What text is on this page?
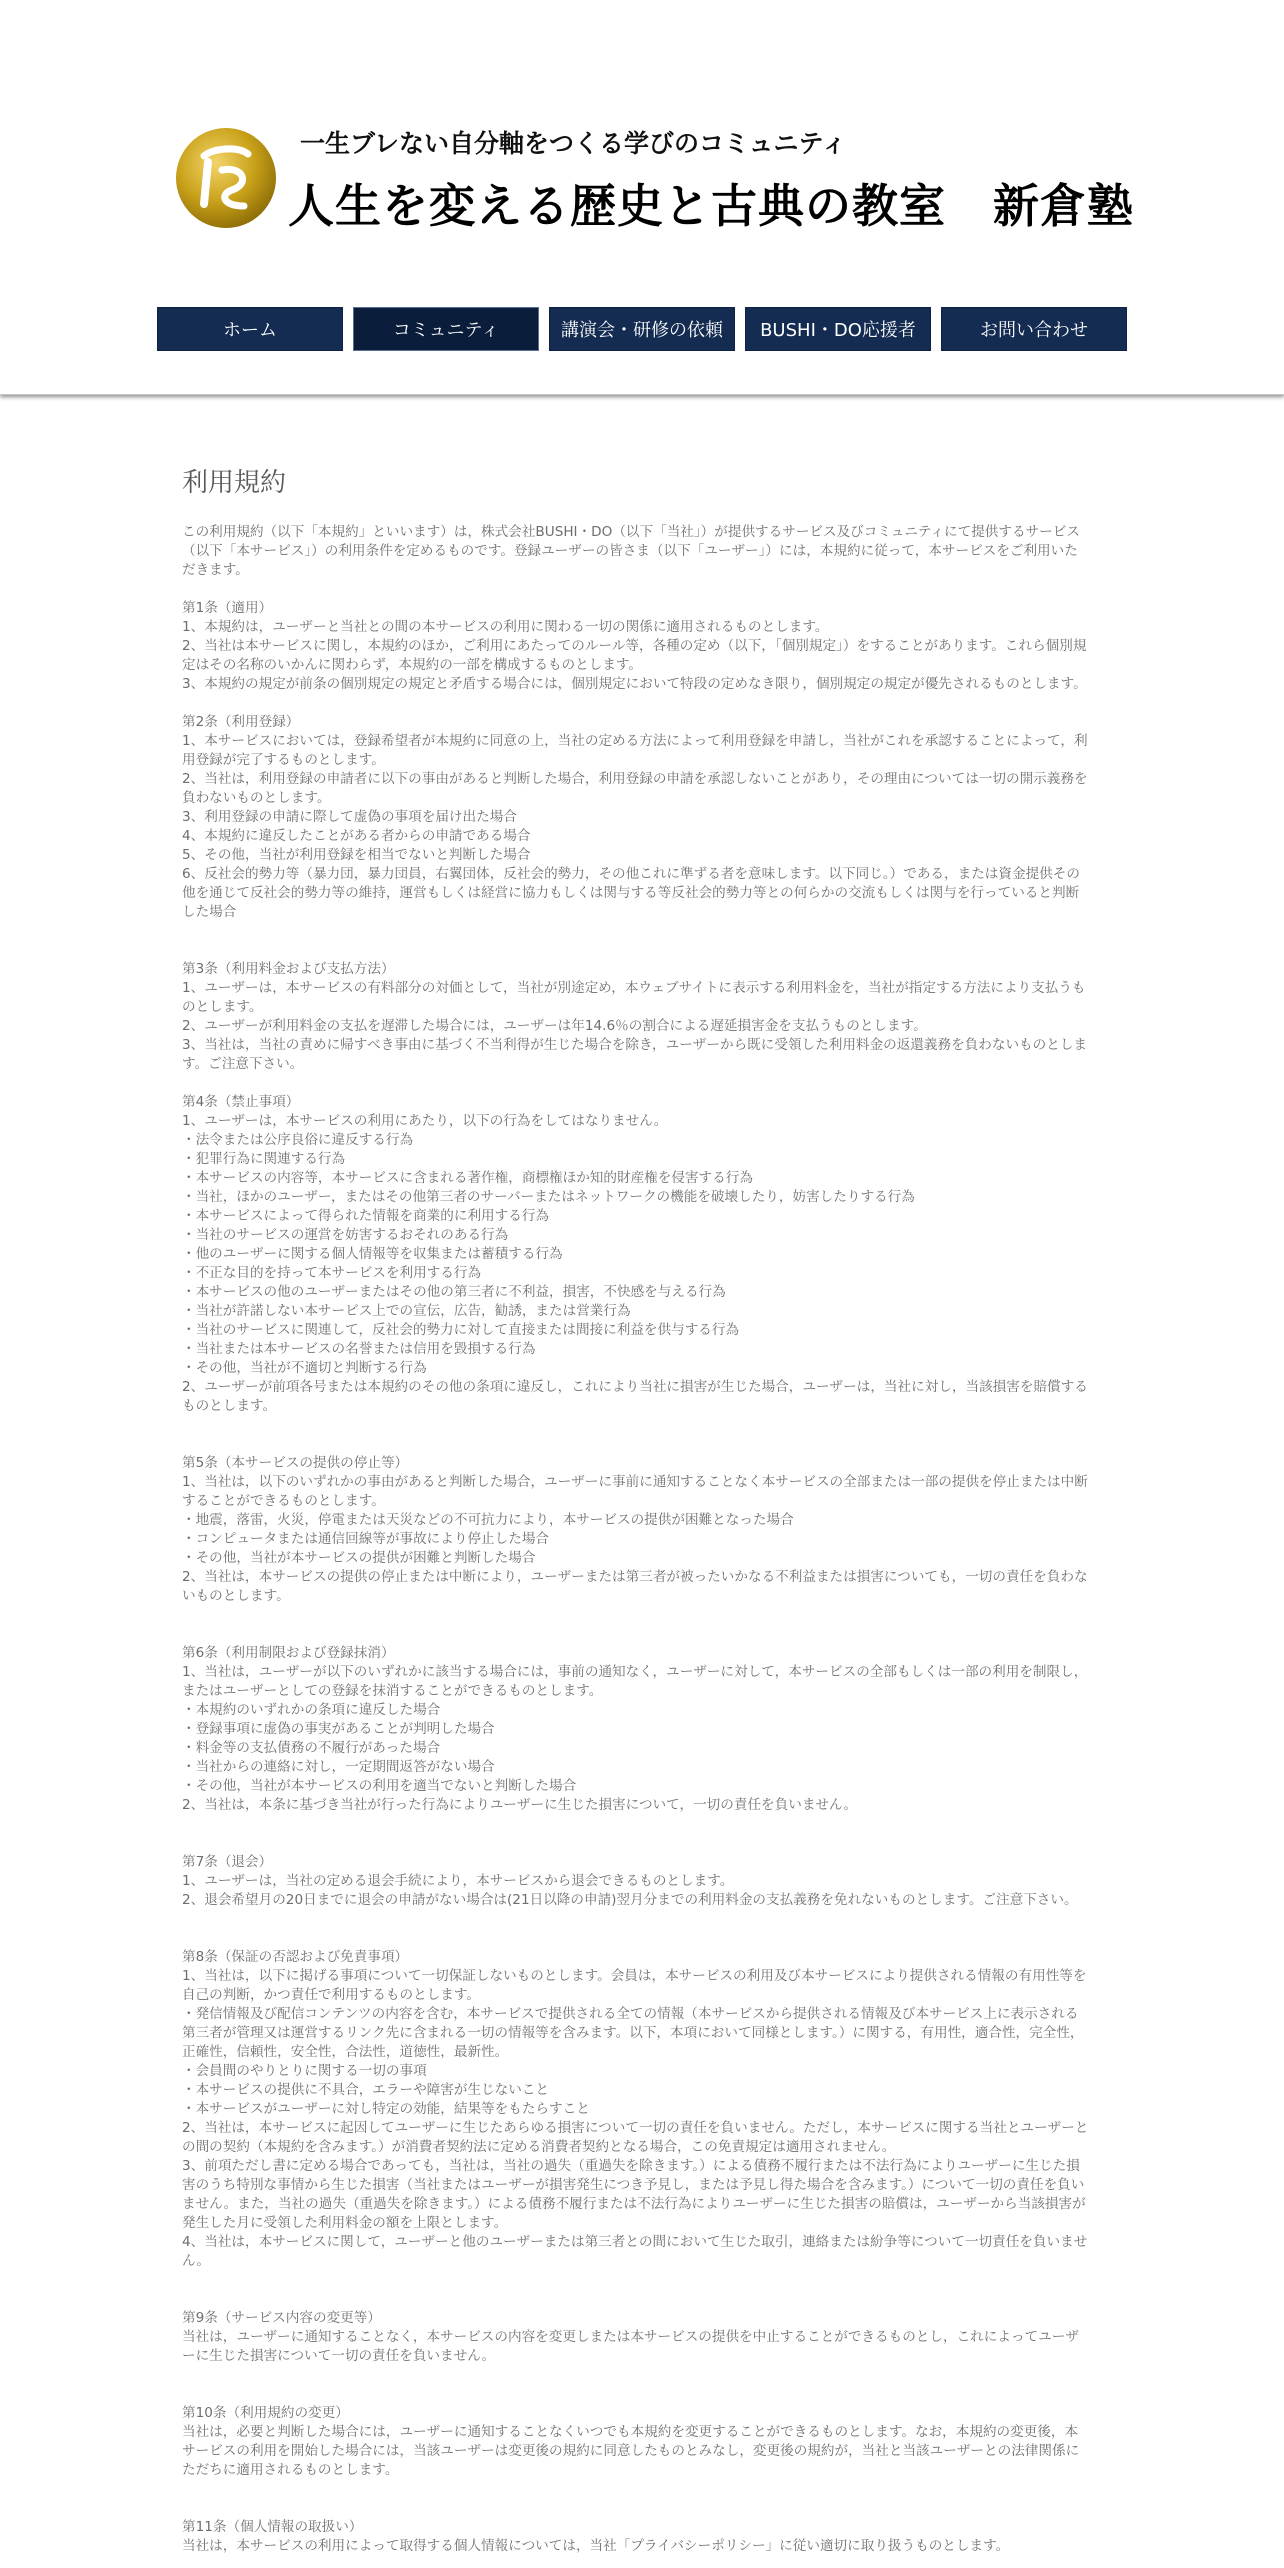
一生ブレない自分軸をつくる学びのコミュニティ
人生を変える歴史と古典の教室　新倉塾
ホーム	コミュニティ	講演会・研修の依頼	BUSHI・DO応援者	お問い合わせ
利用規約

この利用規約（以下「本規約」といいます）は，株式会社BUSHI・DO（以下「当社」）が提供するサービス及びコミュニティにて提供するサービス（以下「本サービス」）の利用条件を定めるものです。登録ユーザーの皆さま（以下「ユーザー」）には，本規約に従って，本サービスをご利用いただきます。

第1条（適用）

1、本規約は，ユーザーと当社との間の本サービスの利用に関わる一切の関係に適用されるものとします。
2、当社は本サービスに関し，本規約のほか，ご利用にあたってのルール等，各種の定め（以下，「個別規定」）をすることがあります。これら個別規定はその名称のいかんに関わらず，本規約の一部を構成するものとします。
3、本規約の規定が前条の個別規定の規定と矛盾する場合には，個別規定において特段の定めなき限り，個別規定の規定が優先されるものとします。

第2条（利用登録）

1、本サービスにおいては，登録希望者が本規約に同意の上，当社の定める方法によって利用登録を申請し，当社がこれを承認することによって，利用登録が完了するものとします。
2、当社は，利用登録の申請者に以下の事由があると判断した場合，利用登録の申請を承認しないことがあり，その理由については一切の開示義務を負わないものとします。
3、利用登録の申請に際して虚偽の事項を届け出た場合
4、本規約に違反したことがある者からの申請である場合
5、その他，当社が利用登録を相当でないと判断した場合
6、反社会的勢力等（暴力団，暴力団員，右翼団体，反社会的勢力，その他これに準ずる者を意味します。以下同じ。）である，または資金提供その他を通じて反社会的勢力等の維持，運営もしくは経営に協力もしくは関与する等反社会的勢力等との何らかの交流もしくは関与を行っていると判断した場合

第3条（利用料金および支払方法）

1、ユーザーは，本サービスの有料部分の対価として，当社が別途定め，本ウェブサイトに表示する利用料金を，当社が指定する方法により支払うものとします。
2、ユーザーが利用料金の支払を遅滞した場合には，ユーザーは年14.6％の割合による遅延損害金を支払うものとします。
3、当社は，当社の責めに帰すべき事由に基づく不当利得が生じた場合を除き，ユーザーから既に受領した利用料金の返還義務を負わないものとします。ご注意下さい。

第4条（禁止事項）

1、ユーザーは，本サービスの利用にあたり，以下の行為をしてはなりません。
・法令または公序良俗に違反する行為
・犯罪行為に関連する行為
・本サービスの内容等，本サービスに含まれる著作権，商標権ほか知的財産権を侵害する行為
・当社，ほかのユーザー，またはその他第三者のサーバーまたはネットワークの機能を破壊したり，妨害したりする行為
・本サービスによって得られた情報を商業的に利用する行為
・当社のサービスの運営を妨害するおそれのある行為
・他のユーザーに関する個人情報等を収集または蓄積する行為
・不正な目的を持って本サービスを利用する行為
・本サービスの他のユーザーまたはその他の第三者に不利益，損害，不快感を与える行為
・当社が許諾しない本サービス上での宣伝，広告，勧誘，または営業行為
・当社のサービスに関連して，反社会的勢力に対して直接または間接に利益を供与する行為
・当社または本サービスの名誉または信用を毀損する行為
・その他，当社が不適切と判断する行為
2、ユーザーが前項各号または本規約のその他の条項に違反し，これにより当社に損害が生じた場合，ユーザーは，当社に対し，当該損害を賠償するものとします。

第5条（本サービスの提供の停止等）

1、当社は，以下のいずれかの事由があると判断した場合，ユーザーに事前に通知することなく本サービスの全部または一部の提供を停止または中断することができるものとします。
・地震，落雷，火災，停電または天災などの不可抗力により，本サービスの提供が困難となった場合
・コンピュータまたは通信回線等が事故により停止した場合
・その他，当社が本サービスの提供が困難と判断した場合
2、当社は，本サービスの提供の停止または中断により，ユーザーまたは第三者が被ったいかなる不利益または損害についても，一切の責任を負わないものとします。

第6条（利用制限および登録抹消）

1、当社は，ユーザーが以下のいずれかに該当する場合には，事前の通知なく，ユーザーに対して，本サービスの全部もしくは一部の利用を制限し，またはユーザーとしての登録を抹消することができるものとします。
・本規約のいずれかの条項に違反した場合
・登録事項に虚偽の事実があることが判明した場合
・料金等の支払債務の不履行があった場合
・当社からの連絡に対し，一定期間返答がない場合
・その他，当社が本サービスの利用を適当でないと判断した場合
2、当社は，本条に基づき当社が行った行為によりユーザーに生じた損害について，一切の責任を負いません。

第7条（退会）

1、ユーザーは，当社の定める退会手続により，本サービスから退会できるものとします。
2、退会希望月の20日までに退会の申請がない場合は(21日以降の申請)翌月分までの利用料金の支払義務を免れないものとします。ご注意下さい。

第8条（保証の否認および免責事項）

1、当社は，以下に掲げる事項について一切保証しないものとします。会員は，本サービスの利用及び本サービスにより提供される情報の有用性等を自己の判断，かつ責任で利用するものとします。
・発信情報及び配信コンテンツの内容を含む，本サービスで提供される全ての情報（本サービスから提供される情報及び本サービス上に表示される第三者が管理又は運営するリンク先に含まれる一切の情報等を含みます。以下，本項において同様とします。）に関する，有用性，適合性，完全性，正確性，信頼性，安全性，合法性，道徳性，最新性。
・会員間のやりとりに関する一切の事項
・本サービスの提供に不具合，エラーや障害が生じないこと
・本サービスがユーザーに対し特定の効能，結果等をもたらすこと
2、当社は，本サービスに起因してユーザーに生じたあらゆる損害について一切の責任を負いません。ただし，本サービスに関する当社とユーザーとの間の契約（本規約を含みます。）が消費者契約法に定める消費者契約となる場合，この免責規定は適用されません。
3、前項ただし書に定める場合であっても，当社は，当社の過失（重過失を除きます。）による債務不履行または不法行為によりユーザーに生じた損害のうち特別な事情から生じた損害（当社またはユーザーが損害発生につき予見し，または予見し得た場合を含みます。）について一切の責任を負いません。また，当社の過失（重過失を除きます。）による債務不履行または不法行為によりユーザーに生じた損害の賠償は，ユーザーから当該損害が発生した月に受領した利用料金の額を上限とします。
4、当社は，本サービスに関して，ユーザーと他のユーザーまたは第三者との間において生じた取引，連絡または紛争等について一切責任を負いません。

第9条（サービス内容の変更等）

当社は，ユーザーに通知することなく，本サービスの内容を変更しまたは本サービスの提供を中止することができるものとし，これによってユーザーに生じた損害について一切の責任を負いません。

第10条（利用規約の変更）

当社は，必要と判断した場合には，ユーザーに通知することなくいつでも本規約を変更することができるものとします。なお，本規約の変更後，本サービスの利用を開始した場合には，当該ユーザーは変更後の規約に同意したものとみなし，変更後の規約が，当社と当該ユーザーとの法律関係にただちに適用されるものとします。

第11条（個人情報の取扱い）

当社は，本サービスの利用によって取得する個人情報については，当社「プライバシーポリシー」に従い適切に取り扱うものとします。
